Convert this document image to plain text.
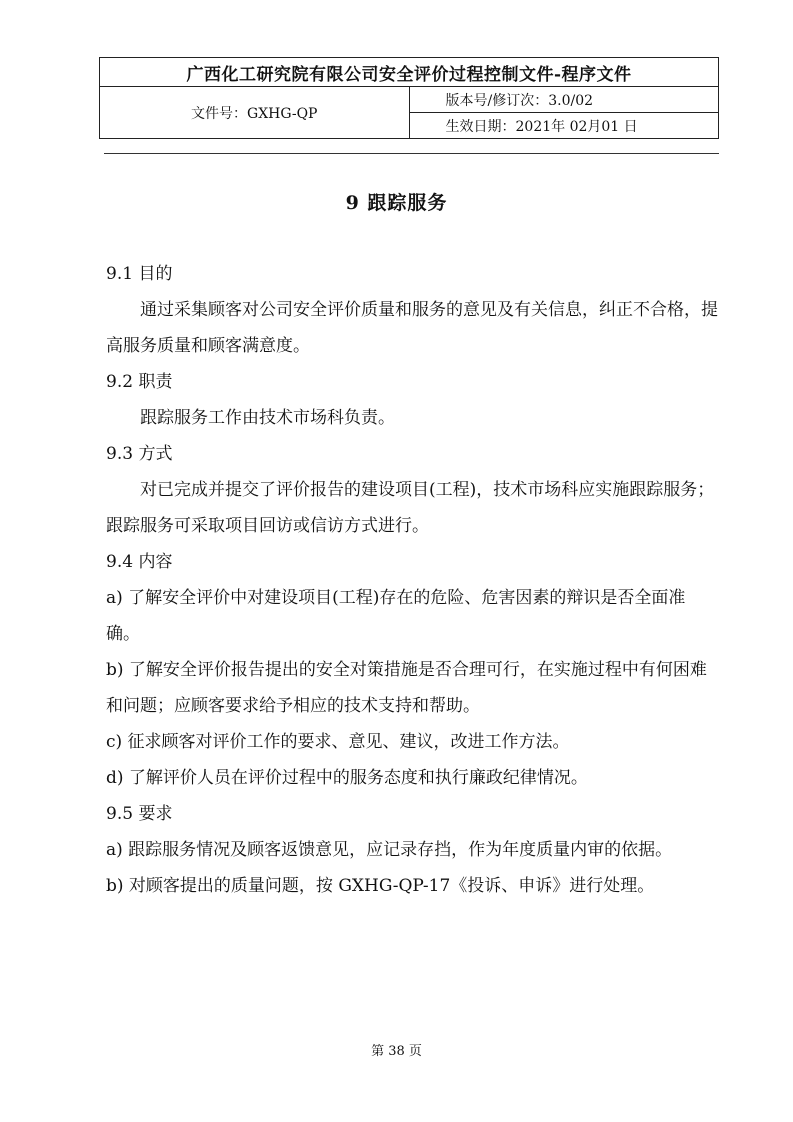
广西化工研究院有限公司安全评价过程控制文件-程序文件
文件号：GXHG-QP	版本号/修订次：3.0/02
生效日期：2021年 02月01 日
9 跟踪服务
9.1 目的
通过采集顾客对公司安全评价质量和服务的意见及有关信息，纠正不合格，提高服务质量和顾客满意度。
9.2 职责
跟踪服务工作由技术市场科负责。
9.3 方式
对已完成并提交了评价报告的建设项目(工程)，技术市场科应实施跟踪服务；跟踪服务可采取项目回访或信访方式进行。
9.4 内容
a) 了解安全评价中对建设项目(工程)存在的危险、危害因素的辩识是否全面准确。
b) 了解安全评价报告提出的安全对策措施是否合理可行，在实施过程中有何困难和问题；应顾客要求给予相应的技术支持和帮助。
c) 征求顾客对评价工作的要求、意见、建议，改进工作方法。
d) 了解评价人员在评价过程中的服务态度和执行廉政纪律情况。
9.5 要求
a) 跟踪服务情况及顾客返馈意见，应记录存挡，作为年度质量内审的依据。
b) 对顾客提出的质量问题，按 GXHG-QP-17《投诉、申诉》进行处理。
第 38 页
